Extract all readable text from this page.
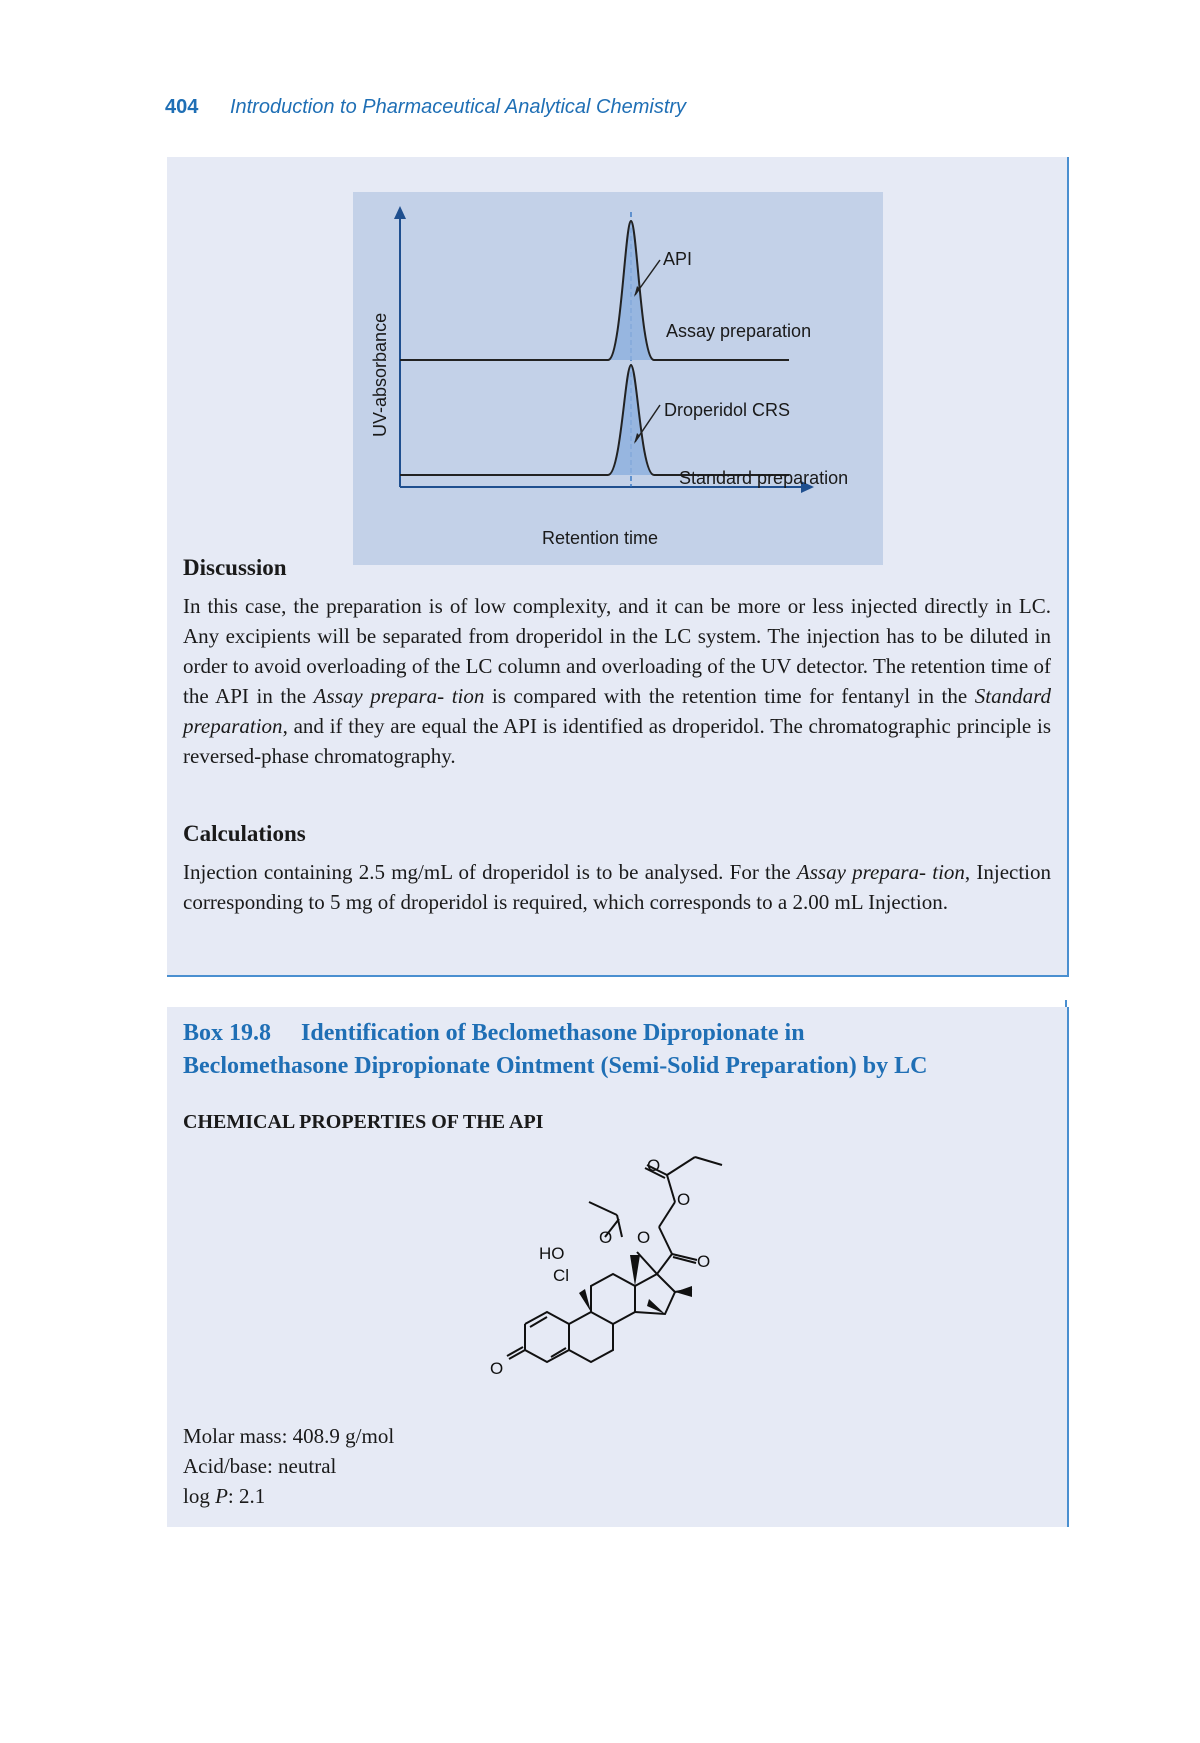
404 Introduction to Pharmaceutical Analytical Chemistry
API
Assay preparation
Droperidol CRS
Standard preparation
Retention time
UV-absorbance
Discussion

In this case, the preparation is of low complexity, and it can be more or less injected directly in LC. Any excipients will be separated from droperidol in the LC system. The injection has to be diluted in order to avoid overloading of the LC column and overloading of the UV detector. The retention time of the API in the Assay prepara- tion is compared with the retention time for fentanyl in the Standard preparation, and if they are equal the API is identified as droperidol. The chromatographic principle is reversed-phase chromatography.

Calculations

Injection containing 2.5 mg/mL of droperidol is to be analysed. For the Assay prepara- tion, Injection corresponding to 5 mg of droperidol is required, which corresponds to a 2.00 mL Injection.

Box 19.8  Identification of Beclomethasone Dipropionate in
Beclomethasone Dipropionate Ointment (Semi-Solid Preparation) by LC
CHEMICAL PROPERTIES OF THE API
O
O
O O
O
HO
Cl
O
Molar mass: 408.9 g/mol
Acid/base: neutral
log P: 2.1
